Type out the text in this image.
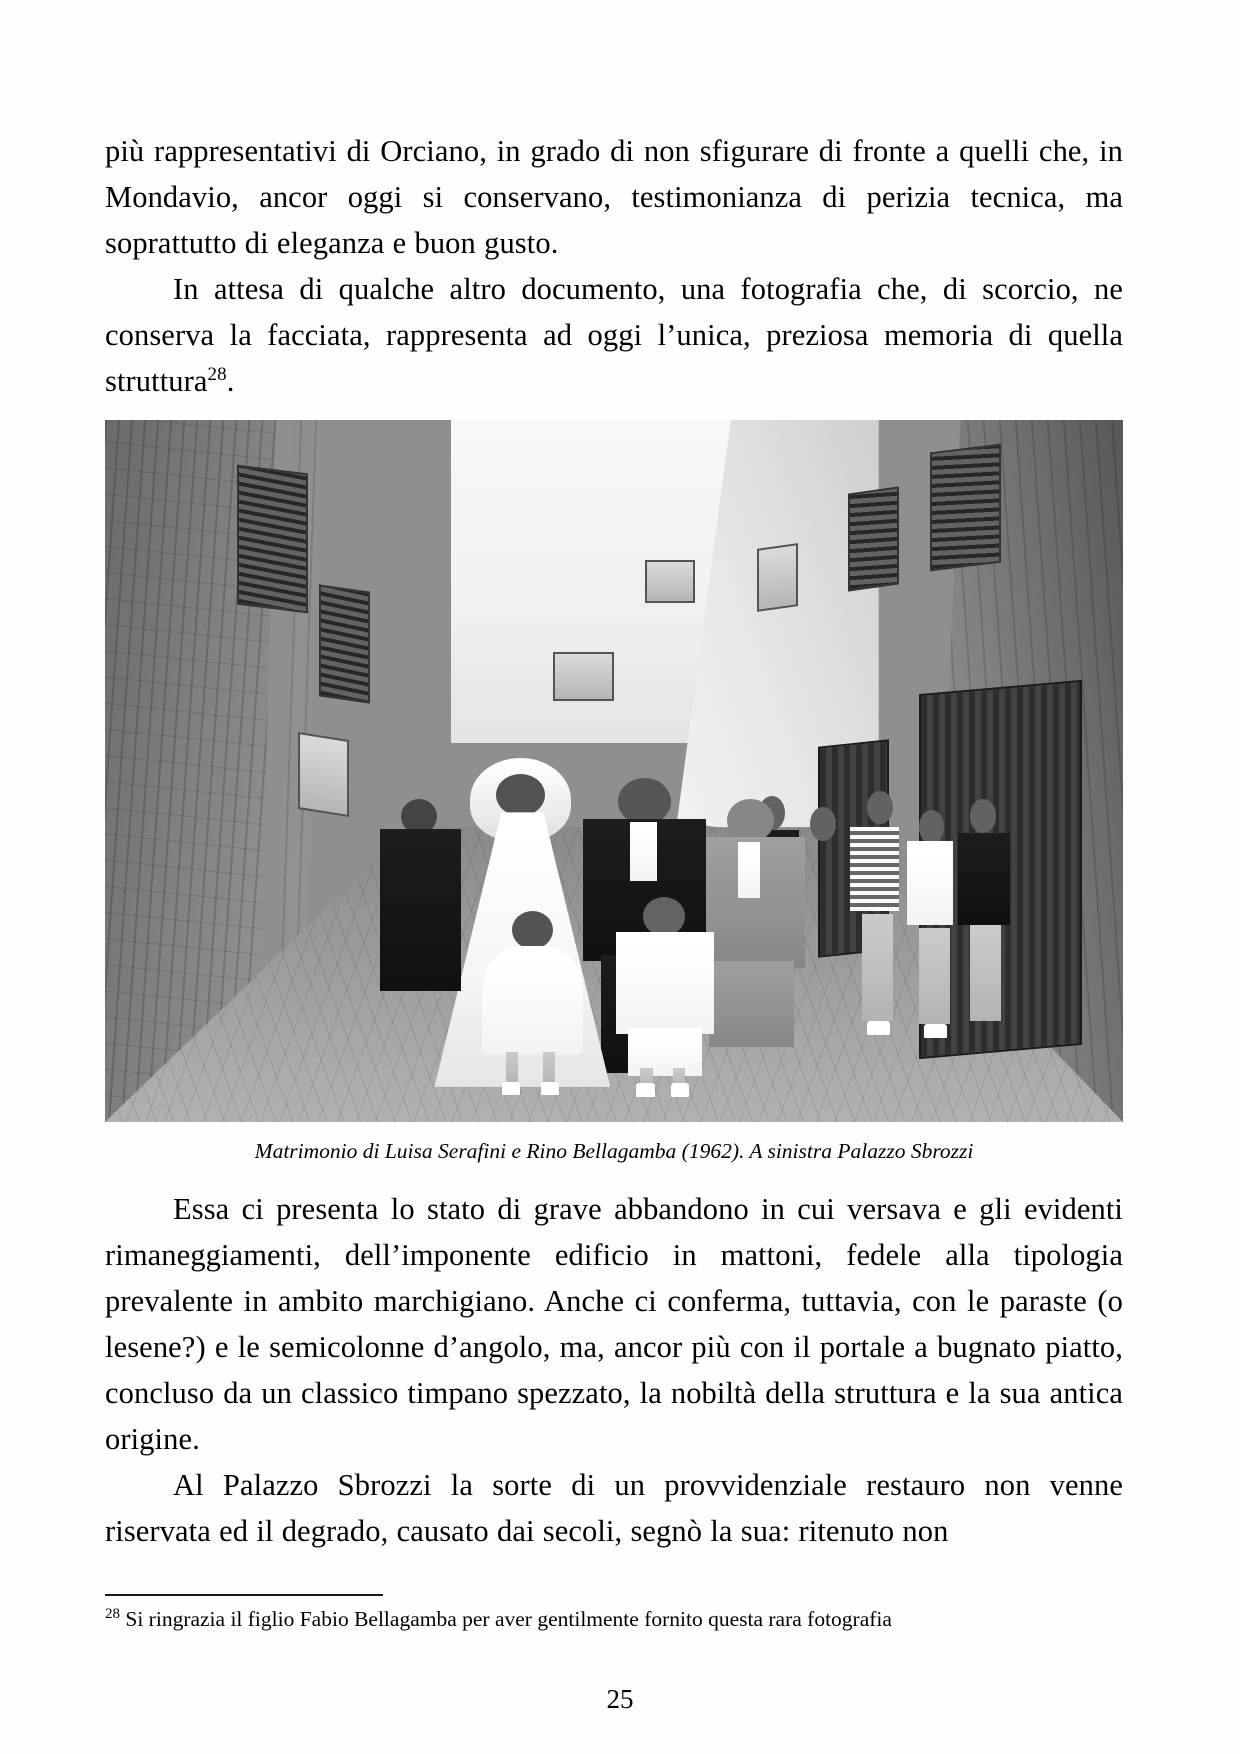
più rappresentativi di Orciano, in grado di non sfigurare di fronte a quelli che, in Mondavio, ancor oggi si conservano, testimonianza di perizia tecnica, ma soprattutto di eleganza e buon gusto.

In attesa di qualche altro documento, una fotografia che, di scorcio, ne conserva la facciata, rappresenta ad oggi l’unica, preziosa memoria di quella struttura$^{28}$.

Matrimonio di Luisa Serafini e Rino Bellagamba (1962). A sinistra Palazzo Sbrozzi

Essa ci presenta lo stato di grave abbandono in cui versava e gli evidenti rimaneggiamenti, dell’imponente edificio in mattoni, fedele alla tipologia prevalente in ambito marchigiano. Anche ci conferma, tuttavia, con le paraste (o lesene?) e le semicolonne d’angolo, ma, ancor più con il portale a bugnato piatto, concluso da un classico timpano spezzato, la nobiltà della struttura e la sua antica origine.

Al Palazzo Sbrozzi la sorte di un provvidenziale restauro non venne riservata ed il degrado, causato dai secoli, segnò la sua: ritenuto non

$^{28}$ Si ringrazia il figlio Fabio Bellagamba per aver gentilmente fornito questa rara fotografia

25
